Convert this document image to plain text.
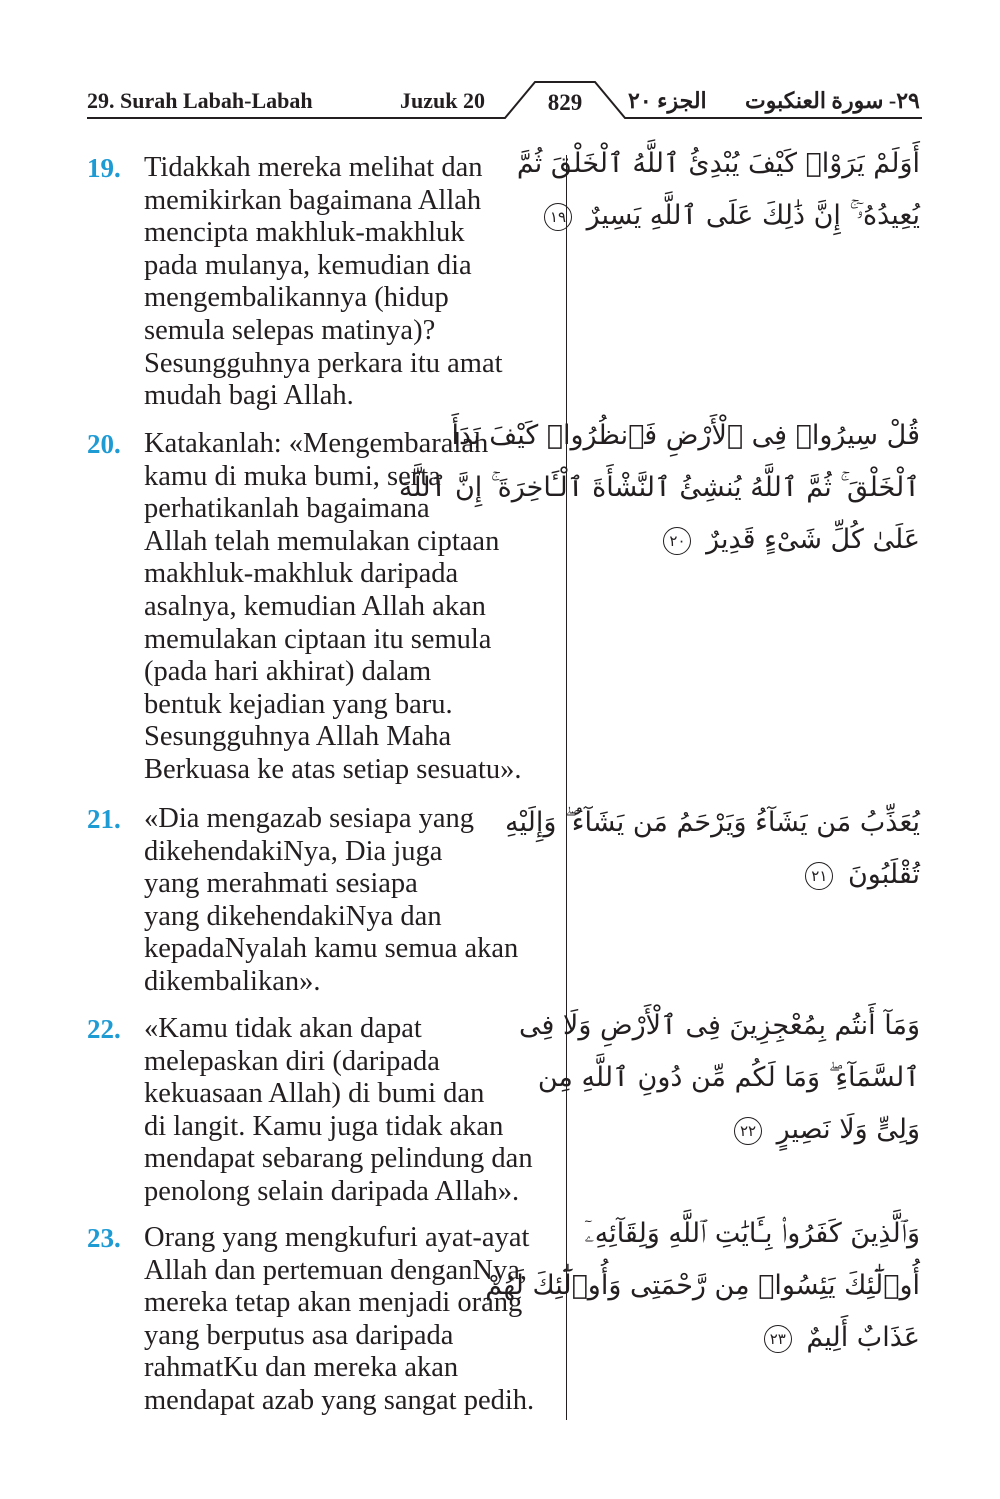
29. Surah Labah-Labah	Juzuk 20	829	الجزء ٢٠ ٢٩- سورة العنكبوت
19. Tidakkah mereka melihat dan
memikirkan bagaimana Allah
mencipta makhluk-makhluk
pada mulanya, kemudian dia
mengembalikannya (hidup
semula selepas matinya)?
Sesungguhnya perkara itu amat
mudah bagi Allah.
أَوَلَمْ يَرَوْا۟ كَيْفَ يُبْدِئُ ٱللَّهُ ٱلْخَلْقَ ثُمَّ
يُعِيدُهُۥٓ ۚ إِنَّ ذَٰلِكَ عَلَى ٱللَّهِ يَسِيرٌ ١٩
20. Katakanlah: «Mengembaralah
kamu di muka bumi, serta
perhatikanlah bagaimana
Allah telah memulakan ciptaan
makhluk-makhluk daripada
asalnya, kemudian Allah akan
memulakan ciptaan itu semula
(pada hari akhirat) dalam
bentuk kejadian yang baru.
Sesungguhnya Allah Maha
Berkuasa ke atas setiap sesuatu».
قُلْ سِيرُوا۟ فِى ٱلْأَرْضِ فَٱنظُرُوا۟ كَيْفَ بَدَأَ
ٱلْخَلْقَ ۚ ثُمَّ ٱللَّهُ يُنشِئُ ٱلنَّشْأَةَ ٱلْـَٔاخِرَةَ ۚ إِنَّ ٱللَّهَ
عَلَىٰ كُلِّ شَىْءٍ قَدِيرٌ ٢٠
21. «Dia mengazab sesiapa yang
dikehendakiNya, Dia juga
yang merahmati sesiapa
yang dikehendakiNya dan
kepadaNyalah kamu semua akan
dikembalikan».
يُعَذِّبُ مَن يَشَآءُ وَيَرْحَمُ مَن يَشَآءُ ۖ وَإِلَيْهِ
تُقْلَبُونَ ٢١
22. «Kamu tidak akan dapat
melepaskan diri (daripada
kekuasaan Allah) di bumi dan
di langit. Kamu juga tidak akan
mendapat sebarang pelindung dan
penolong selain daripada Allah».
وَمَآ أَنتُم بِمُعْجِزِينَ فِى ٱلْأَرْضِ وَلَا فِى
ٱلسَّمَآءِ ۖ وَمَا لَكُم مِّن دُونِ ٱللَّهِ مِن
وَلِىٍّ وَلَا نَصِيرٍ ٢٢
23. Orang yang mengkufuri ayat-ayat
Allah dan pertemuan denganNya,
mereka tetap akan menjadi orang
yang berputus asa daripada
rahmatKu dan mereka akan
mendapat azab yang sangat pedih.
وَٱلَّذِينَ كَفَرُوا۟ بِـَٔايَٰتِ ٱللَّهِ وَلِقَآئِهِۦٓ
أُو۟لَٰٓئِكَ يَئِسُوا۟ مِن رَّحْمَتِى وَأُو۟لَٰٓئِكَ لَهُمْ
عَذَابٌ أَلِيمٌ ٢٣
